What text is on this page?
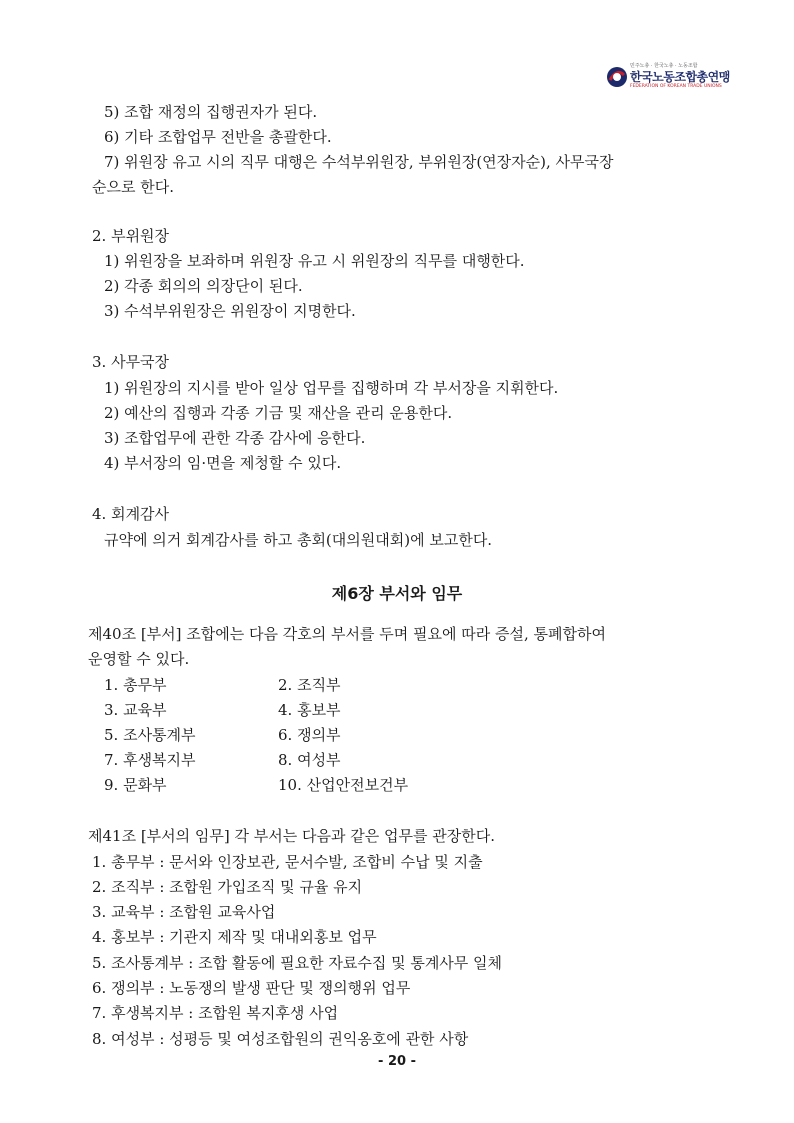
민주노총 · 한국노총 · 노동조합
한국노동조합총연맹
FEDERATION OF KOREAN TRADE UNIONS
5) 조합 재정의 집행권자가 된다.
6) 기타 조합업무 전반을 총괄한다.
7) 위원장 유고 시의 직무 대행은 수석부위원장, 부위원장(연장자순), 사무국장
순으로 한다.
2. 부위원장
1) 위원장을 보좌하며 위원장 유고 시 위원장의 직무를 대행한다.
2) 각종 회의의 의장단이 된다.
3) 수석부위원장은 위원장이 지명한다.
3. 사무국장
1) 위원장의 지시를 받아 일상 업무를 집행하며 각 부서장을 지휘한다.
2) 예산의 집행과 각종 기금 및 재산을 관리 운용한다.
3) 조합업무에 관한 각종 감사에 응한다.
4) 부서장의 임·면을 제청할 수 있다.
4. 회계감사
규약에 의거 회계감사를 하고 총회(대의원대회)에 보고한다.
제6장 부서와 임무
제40조 [부서] 조합에는 다음 각호의 부서를 두며 필요에 따라 증설, 통폐합하여
운영할 수 있다.
1. 총무부
3. 교육부
5. 조사통계부
7. 후생복지부
9. 문화부
2. 조직부
4. 홍보부
6. 쟁의부
8. 여성부
10. 산업안전보건부
제41조 [부서의 임무] 각 부서는 다음과 같은 업무를 관장한다.
1. 총무부 : 문서와 인장보관, 문서수발, 조합비 수납 및 지출
2. 조직부 : 조합원 가입조직 및 규율 유지
3. 교육부 : 조합원 교육사업
4. 홍보부 : 기관지 제작 및 대내외홍보 업무
5. 조사통계부 : 조합 활동에 필요한 자료수집 및 통계사무 일체
6. 쟁의부 : 노동쟁의 발생 판단 및 쟁의행위 업무
7. 후생복지부 : 조합원 복지후생 사업
8. 여성부 : 성평등 및 여성조합원의 권익옹호에 관한 사항
- 20 -
